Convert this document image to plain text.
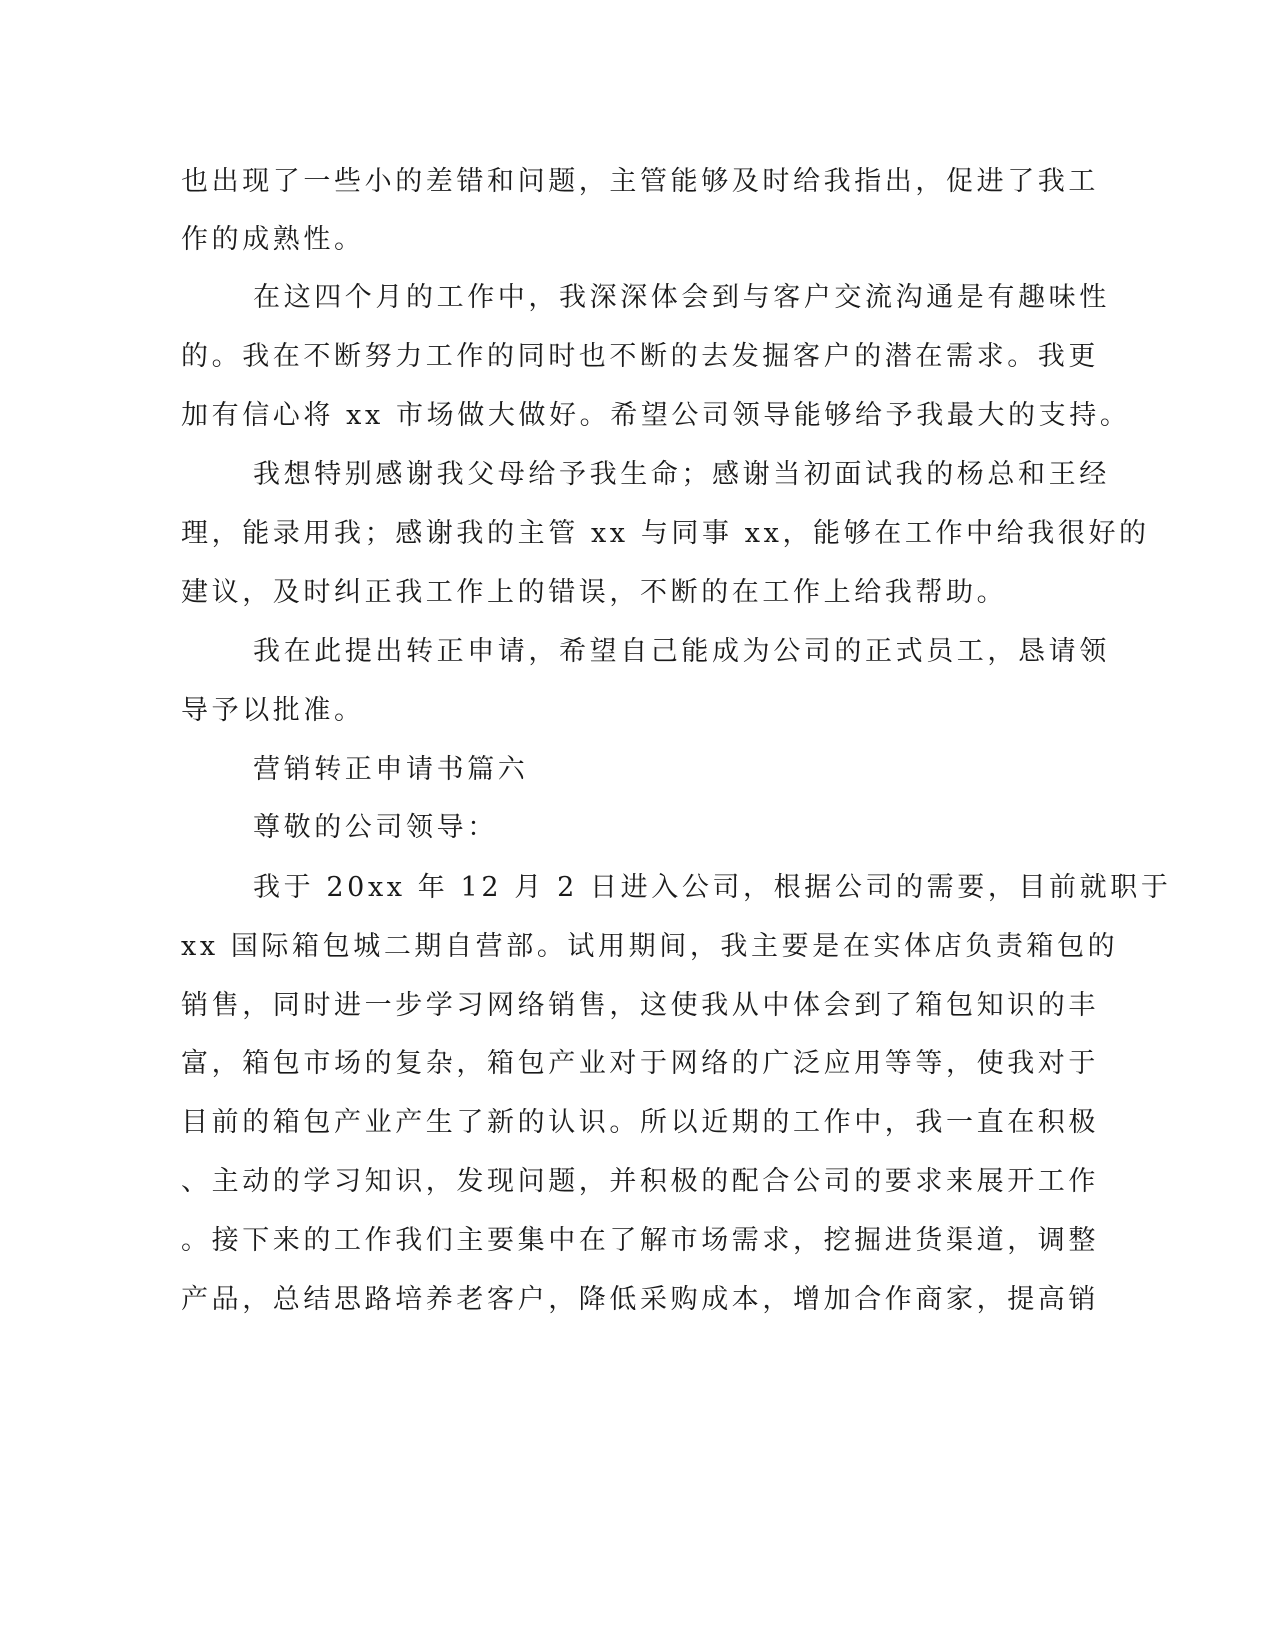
也出现了一些小的差错和问题，主管能够及时给我指出，促进了我工
作的成熟性。
在这四个月的工作中，我深深体会到与客户交流沟通是有趣味性
的。我在不断努力工作的同时也不断的去发掘客户的潜在需求。我更
加有信心将 xx 市场做大做好。希望公司领导能够给予我最大的支持。
我想特别感谢我父母给予我生命；感谢当初面试我的杨总和王经
理，能录用我；感谢我的主管 xx 与同事 xx，能够在工作中给我很好的
建议，及时纠正我工作上的错误，不断的在工作上给我帮助。
我在此提出转正申请，希望自己能成为公司的正式员工，恳请领
导予以批准。
营销转正申请书篇六
尊敬的公司领导：
我于 20xx 年 12 月 2 日进入公司，根据公司的需要，目前就职于
xx 国际箱包城二期自营部。试用期间，我主要是在实体店负责箱包的
销售，同时进一步学习网络销售，这使我从中体会到了箱包知识的丰
富，箱包市场的复杂，箱包产业对于网络的广泛应用等等，使我对于
目前的箱包产业产生了新的认识。所以近期的工作中，我一直在积极
、主动的学习知识，发现问题，并积极的配合公司的要求来展开工作
。接下来的工作我们主要集中在了解市场需求，挖掘进货渠道，调整
产品，总结思路培养老客户，降低采购成本，增加合作商家，提高销
